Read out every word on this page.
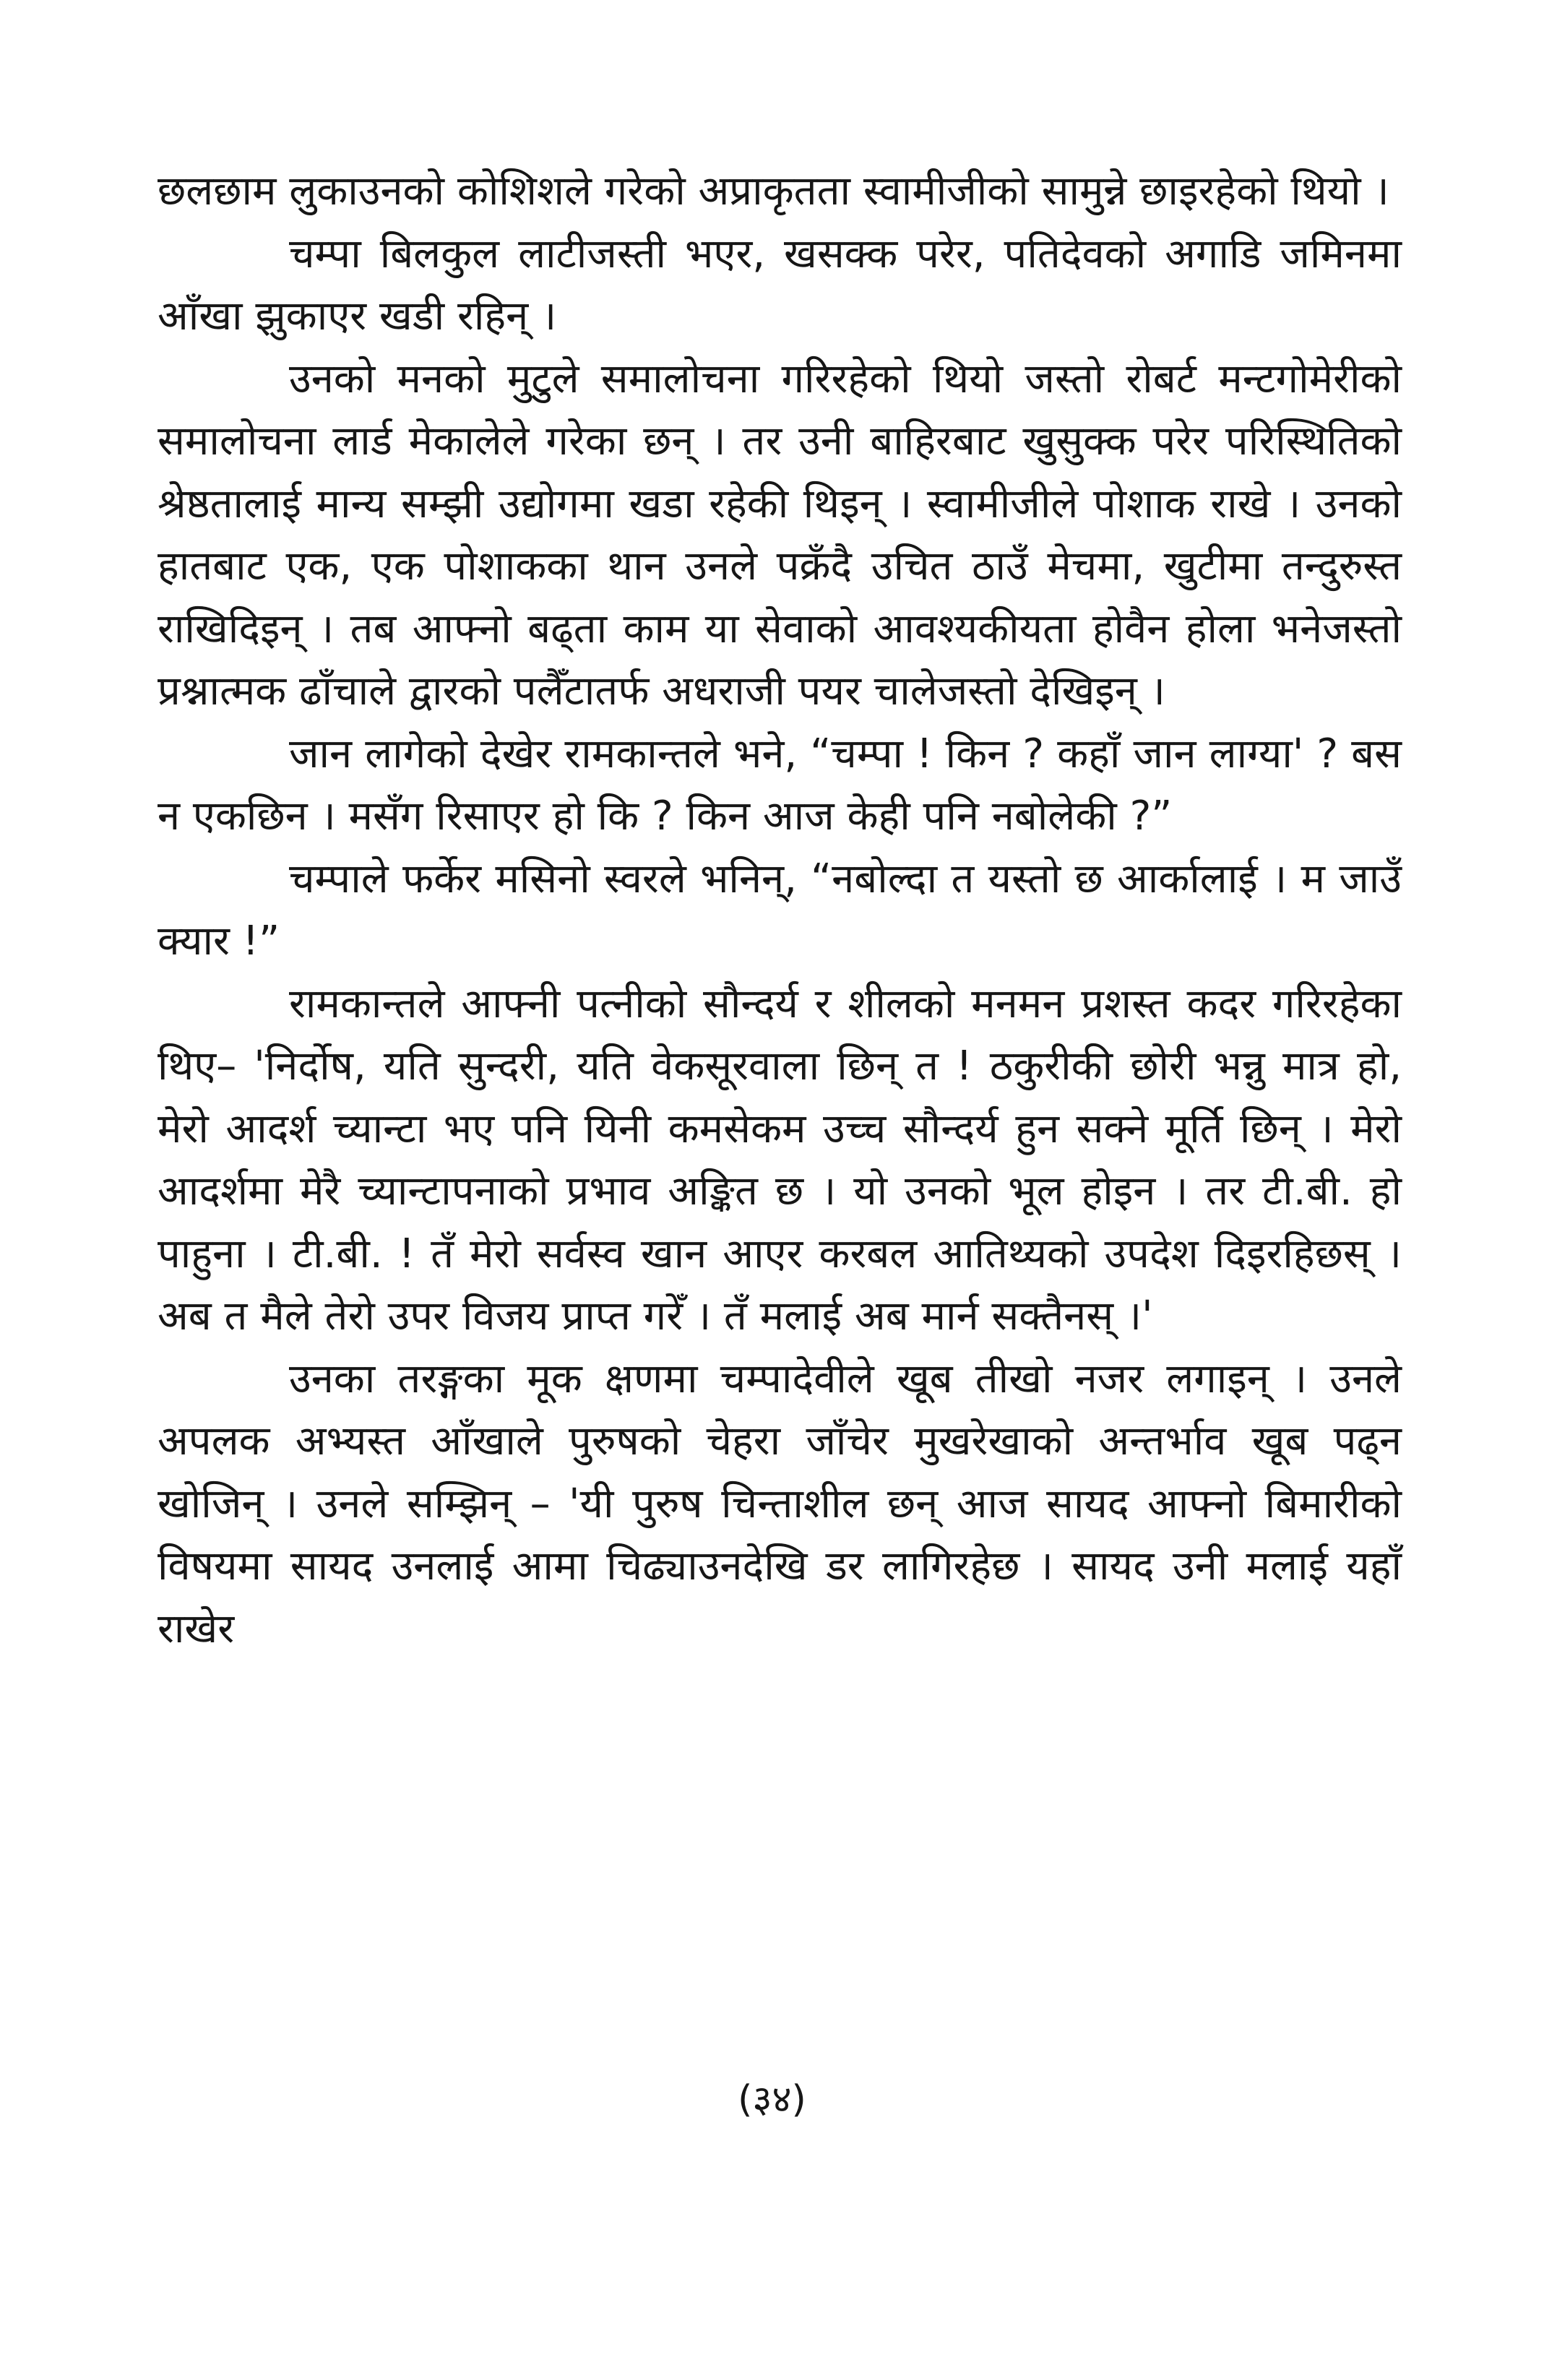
छलछाम लुकाउनको कोशिशले गरेको अप्राकृतता स्वामीजीको सामुन्ने छाइरहेको थियो ।

चम्पा बिलकुल लाटीजस्ती भएर, खसक्क परेर, पतिदेवको अगाडि जमिनमा आँखा झुकाएर खडी रहिन् ।

उनको मनको मुटुले समालोचना गरिरहेको थियो जस्तो रोबर्ट मन्टगोमेरीको समालोचना लार्ड मेकालेले गरेका छन् । तर उनी बाहिरबाट खुसुक्क परेर परिस्थितिको श्रेष्ठतालाई मान्य सम्झी उद्योगमा खडा रहेकी थिइन् । स्वामीजीले पोशाक राखे । उनको हातबाट एक, एक पोशाकका थान उनले पक्रँदै उचित ठाउँ मेचमा, खुटीमा तन्दुरुस्त राखिदिइन् । तब आफ्नो बढ्ता काम या सेवाको आवश्यकीयता होवैन होला भनेजस्तो प्रश्नात्मक ढाँचाले द्वारको पलैँटातर्फ अधराजी पयर चालेजस्तो देखिइन् ।

जान लागेको देखेर रामकान्तले भने, “चम्पा ! किन ? कहाँ जान लाग्या' ? बस न एकछिन । मसँग रिसाएर हो कि ? किन आज केही पनि नबोलेकी ?”

चम्पाले फर्केर मसिनो स्वरले भनिन्, “नबोल्दा त यस्तो छ आर्कालाई । म जाउँ क्यार !”

रामकान्तले आफ्नी पत्नीको सौन्दर्य र शीलको मनमन प्रशस्त कदर गरिरहेका थिए– 'निर्दोष, यति सुन्दरी, यति वेकसूरवाला छिन् त ! ठकुरीकी छोरी भन्नु मात्र हो, मेरो आदर्श च्यान्टा भए पनि यिनी कमसेकम उच्च सौन्दर्य हुन सक्ने मूर्ति छिन् । मेरो आदर्शमा मेरै च्यान्टापनाको प्रभाव अङ्कित छ । यो उनको भूल होइन । तर टी.बी. हो पाहुना । टी.बी. ! तँ मेरो सर्वस्व खान आएर करबल आतिथ्यको उपदेश दिइरहिछस् । अब त मैले तेरो उपर विजय प्राप्त गरेँ । तँ मलाई अब मार्न सक्तैनस् ।'

उनका तरङ्गका मूक क्षणमा चम्पादेवीले खूब तीखो नजर लगाइन् । उनले अपलक अभ्यस्त आँखाले पुरुषको चेहरा जाँचेर मुखरेखाको अन्तर्भाव खूब पढ्न खोजिन् । उनले सम्झिन् – 'यी पुरुष चिन्ताशील छन् आज सायद आफ्नो बिमारीको विषयमा सायद उनलाई आमा चिढ्याउनदेखि डर लागिरहेछ । सायद उनी मलाई यहाँ राखेर

(३४)
